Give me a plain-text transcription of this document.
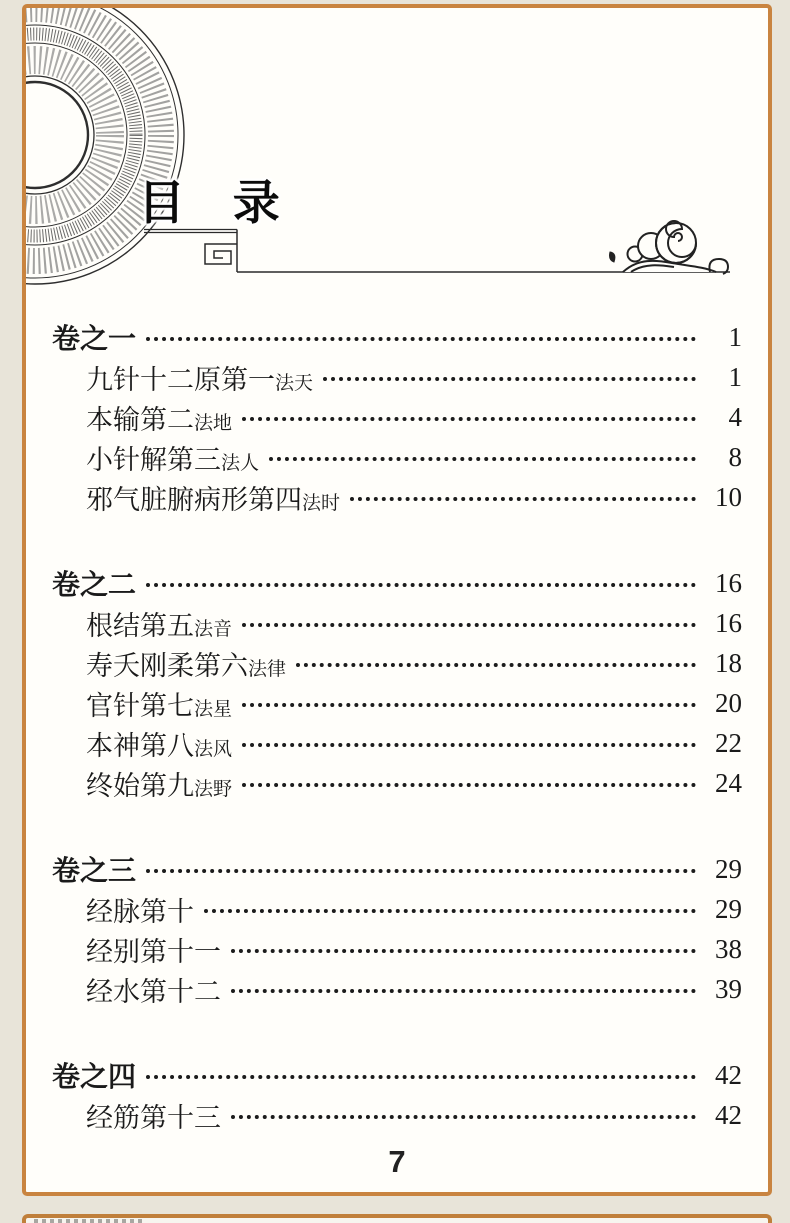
目 录
卷之一	1
九针十二原第一法天	1
本输第二法地	4
小针解第三法人	8
邪气脏腑病形第四法时	10
卷之二	16
根结第五法音	16
寿夭刚柔第六法律	18
官针第七法星	20
本神第八法风	22
终始第九法野	24
卷之三	29
经脉第十	29
经别第十一	38
经水第十二	39
卷之四	42
经筋第十三	42
7
